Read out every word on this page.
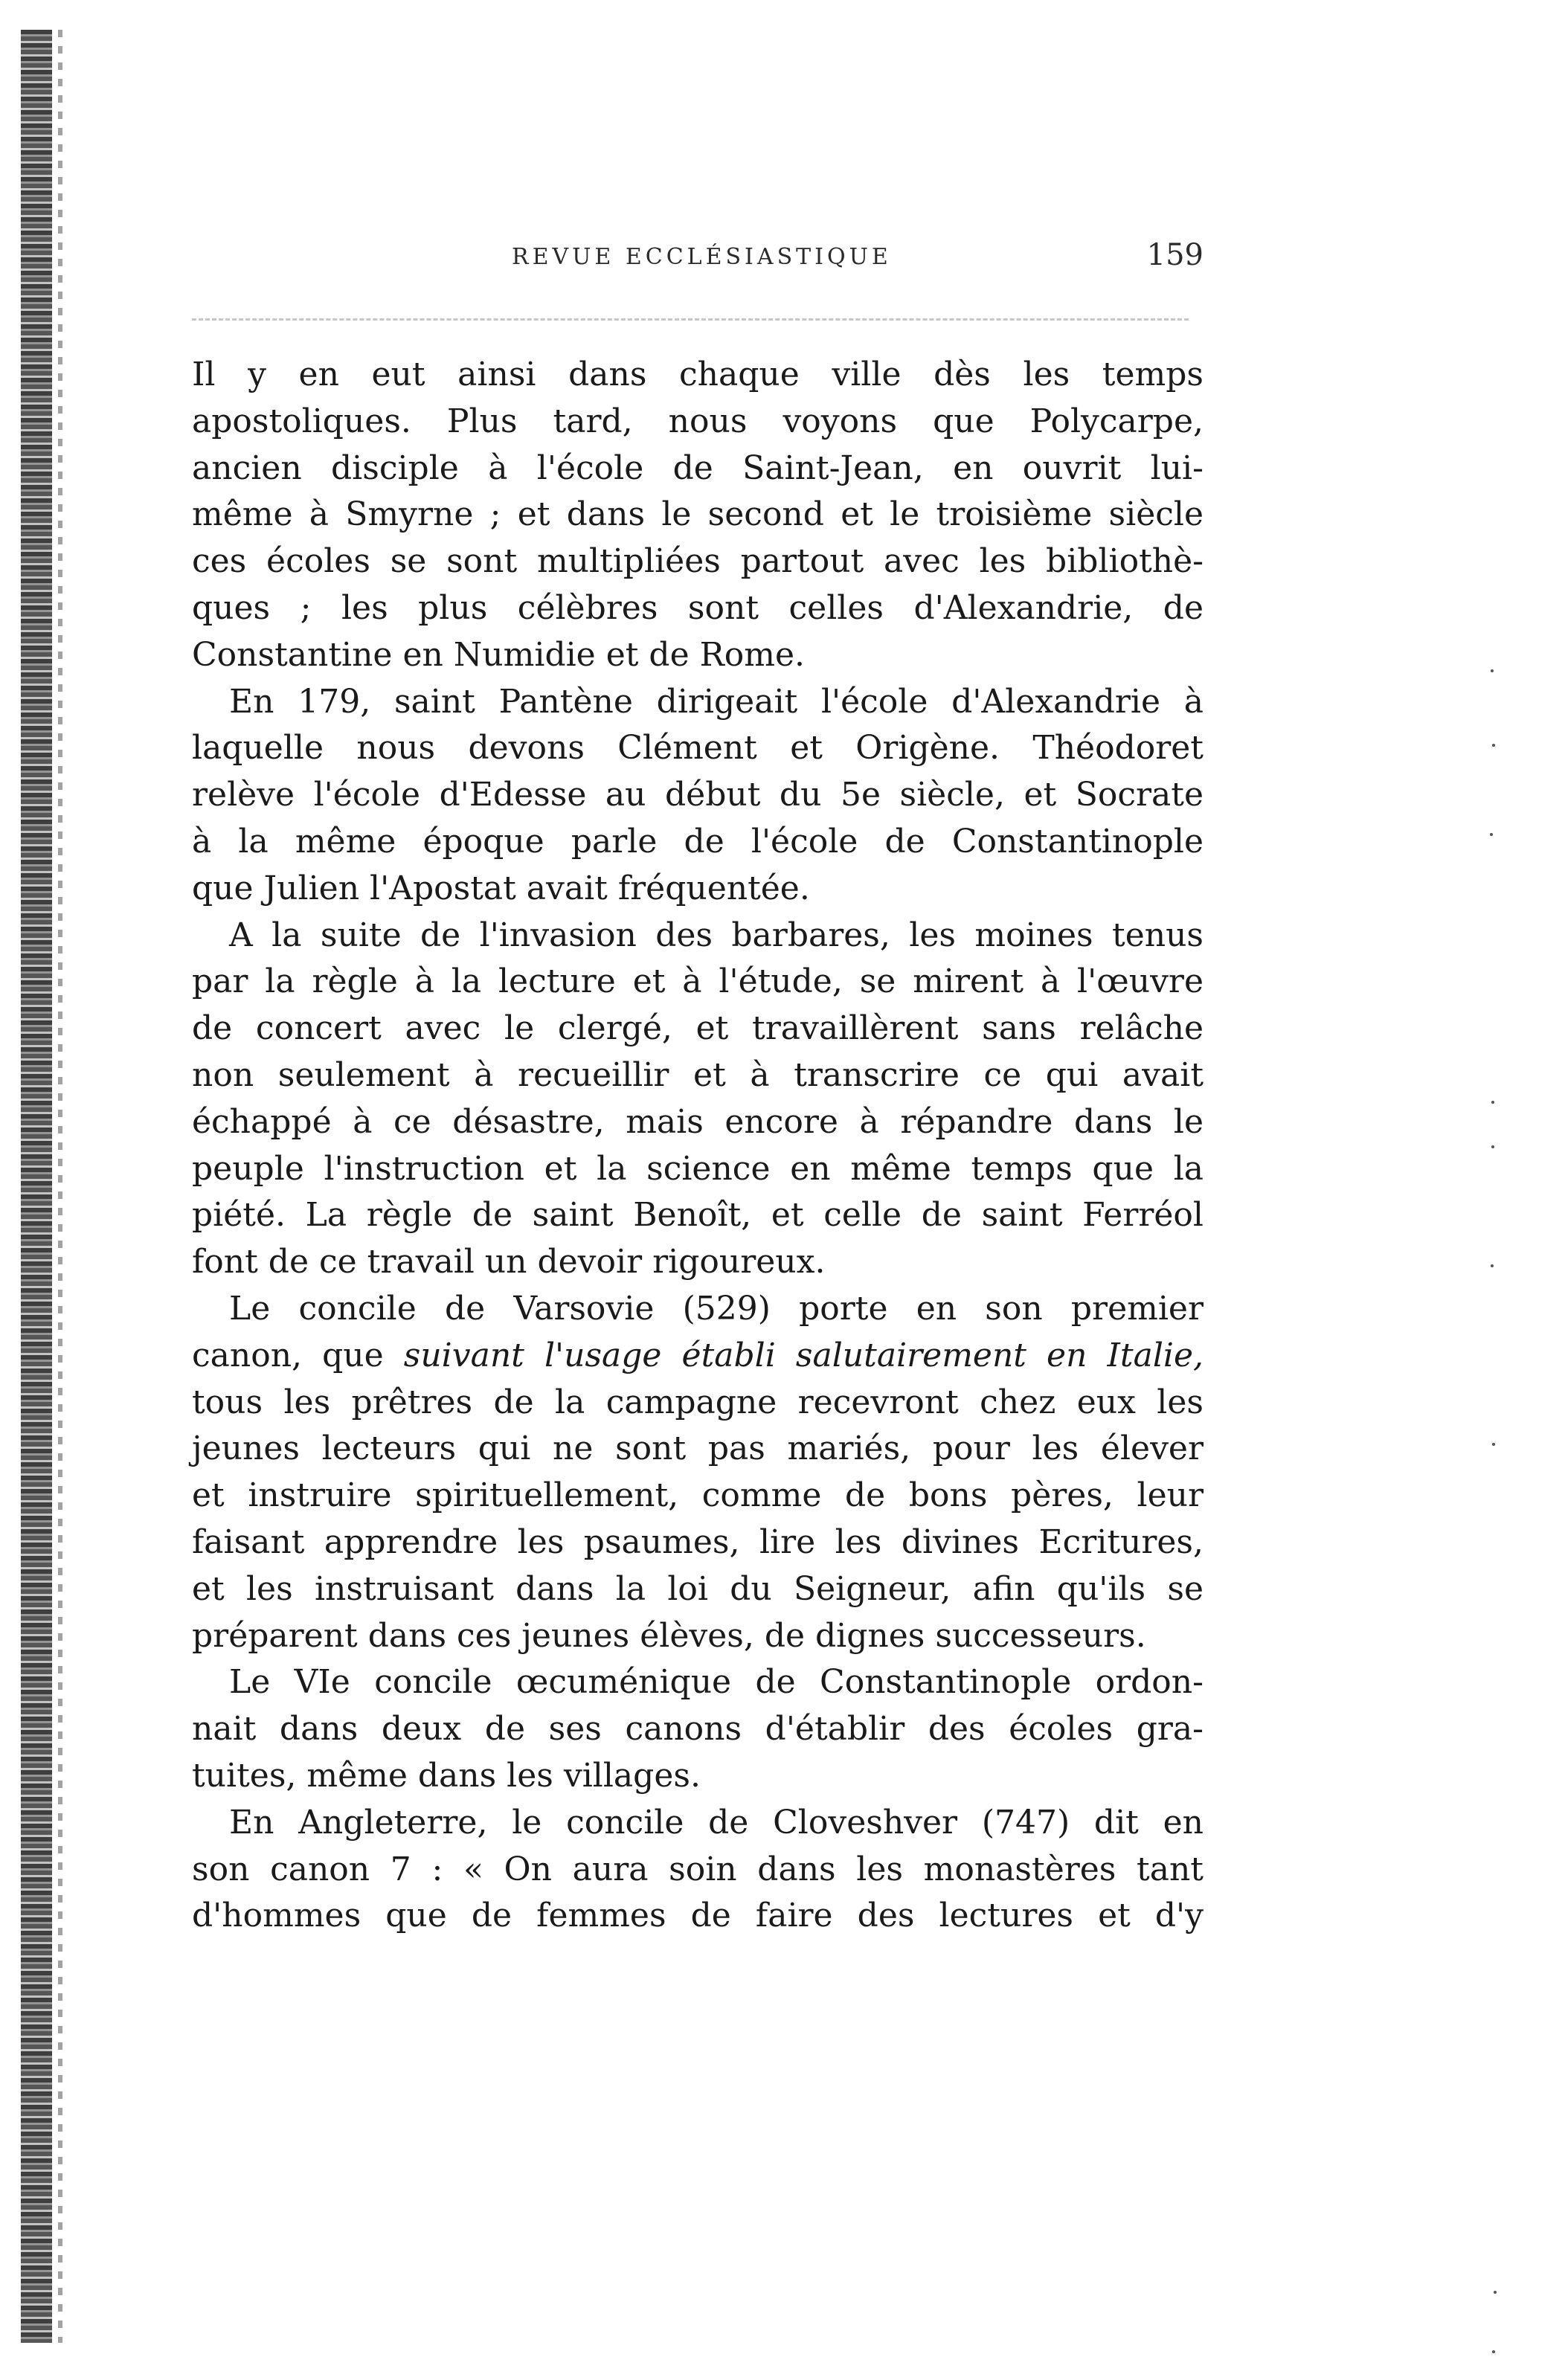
REVUE ECCLÉSIASTIQUE	159

Il y en eut ainsi dans chaque ville dès les temps
apostoliques. Plus tard, nous voyons que Polycarpe,
ancien disciple à l'école de Saint-Jean, en ouvrit lui-
même à Smyrne ; et dans le second et le troisième siècle
ces écoles se sont multipliées partout avec les bibliothè-
ques ; les plus célèbres sont celles d'Alexandrie, de
Constantine en Numidie et de Rome.

En 179, saint Pantène dirigeait l'école d'Alexandrie à
laquelle nous devons Clément et Origène. Théodoret
relève l'école d'Edesse au début du 5e siècle, et Socrate
à la même époque parle de l'école de Constantinople
que Julien l'Apostat avait fréquentée.

A la suite de l'invasion des barbares, les moines tenus
par la règle à la lecture et à l'étude, se mirent à l'œuvre
de concert avec le clergé, et travaillèrent sans relâche
non seulement à recueillir et à transcrire ce qui avait
échappé à ce désastre, mais encore à répandre dans le
peuple l'instruction et la science en même temps que la
piété. La règle de saint Benoît, et celle de saint Ferréol
font de ce travail un devoir rigoureux.

Le concile de Varsovie (529) porte en son premier
canon, que suivant l'usage établi salutairement en Italie,
tous les prêtres de la campagne recevront chez eux les
jeunes lecteurs qui ne sont pas mariés, pour les élever
et instruire spirituellement, comme de bons pères, leur
faisant apprendre les psaumes, lire les divines Ecritures,
et les instruisant dans la loi du Seigneur, afin qu'ils se
préparent dans ces jeunes élèves, de dignes successeurs.

Le VIe concile œcuménique de Constantinople ordon-
nait dans deux de ses canons d'établir des écoles gra-
tuites, même dans les villages.

En Angleterre, le concile de Cloveshver (747) dit en
son canon 7 : « On aura soin dans les monastères tant
d'hommes que de femmes de faire des lectures et d'y
